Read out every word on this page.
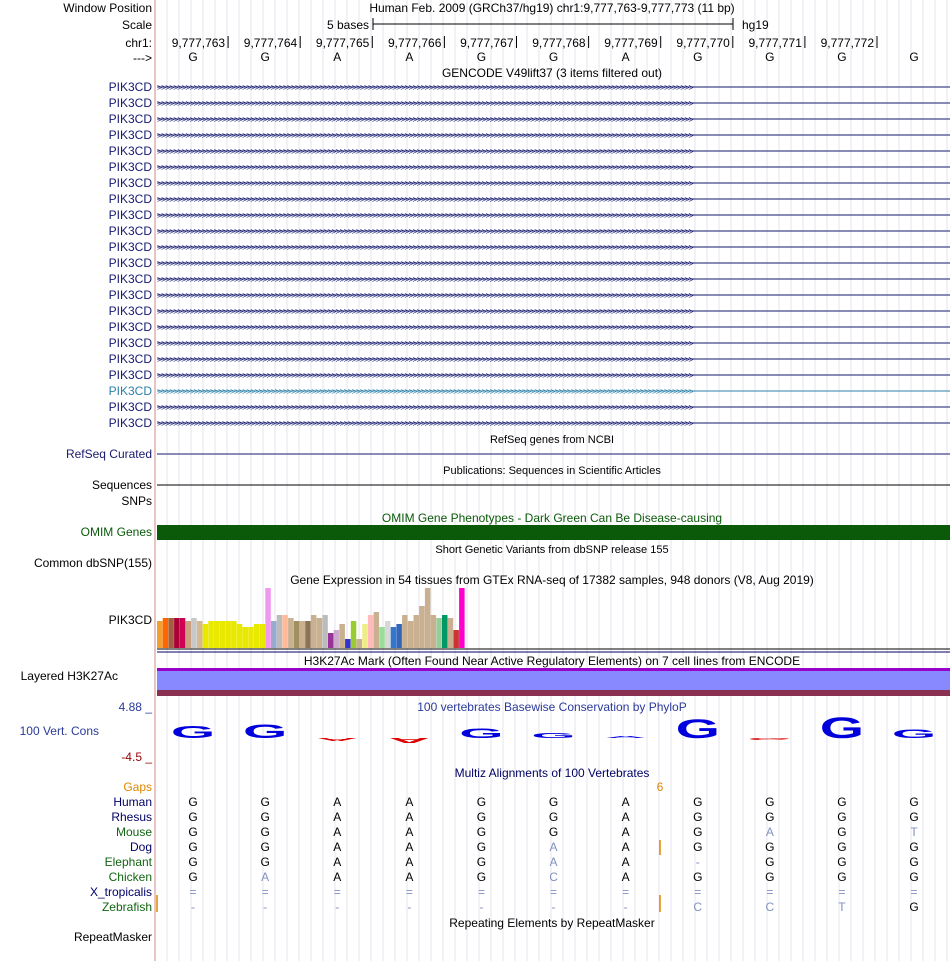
Window Position	Human Feb. 2009 (GRCh37/hg19) chr1:9,777,763-9,777,773 (11 bp)
Scale	5 bases	hg19
chr1: 9,777,763 9,777,764 9,777,765 9,777,766 9,777,767 9,777,768 9,777,769 9,777,770 9,777,771 9,777,772
--->	G	G	A	A	G	G	A	G	G	G	G
GENCODE V49lift37 (3 items filtered out)
PIK3CD >>>>>>>>>>>>>>>>>>>>>>>>>>>>>>>>>>>>>>>>>>>>>>>>>>>>>>>>>>>>>>>>>>>>>>>>>>>>>>>>>>>>>>>>>>>>>>>>>>>>>>>>>>>>>>>>>>>>>>>>>>>>>>>>>>>>
PIK3CD >>>>>>>>>>>>>>>>>>>>>>>>>>>>>>>>>>>>>>>>>>>>>>>>>>>>>>>>>>>>>>>>>>>>>>>>>>>>>>>>>>>>>>>>>>>>>>>>>>>>>>>>>>>>>>>>>>>>>>>>>>>>>>>>>>>>
PIK3CD >>>>>>>>>>>>>>>>>>>>>>>>>>>>>>>>>>>>>>>>>>>>>>>>>>>>>>>>>>>>>>>>>>>>>>>>>>>>>>>>>>>>>>>>>>>>>>>>>>>>>>>>>>>>>>>>>>>>>>>>>>>>>>>>>>>>
PIK3CD >>>>>>>>>>>>>>>>>>>>>>>>>>>>>>>>>>>>>>>>>>>>>>>>>>>>>>>>>>>>>>>>>>>>>>>>>>>>>>>>>>>>>>>>>>>>>>>>>>>>>>>>>>>>>>>>>>>>>>>>>>>>>>>>>>>>
PIK3CD >>>>>>>>>>>>>>>>>>>>>>>>>>>>>>>>>>>>>>>>>>>>>>>>>>>>>>>>>>>>>>>>>>>>>>>>>>>>>>>>>>>>>>>>>>>>>>>>>>>>>>>>>>>>>>>>>>>>>>>>>>>>>>>>>>>>
PIK3CD >>>>>>>>>>>>>>>>>>>>>>>>>>>>>>>>>>>>>>>>>>>>>>>>>>>>>>>>>>>>>>>>>>>>>>>>>>>>>>>>>>>>>>>>>>>>>>>>>>>>>>>>>>>>>>>>>>>>>>>>>>>>>>>>>>>>
PIK3CD >>>>>>>>>>>>>>>>>>>>>>>>>>>>>>>>>>>>>>>>>>>>>>>>>>>>>>>>>>>>>>>>>>>>>>>>>>>>>>>>>>>>>>>>>>>>>>>>>>>>>>>>>>>>>>>>>>>>>>>>>>>>>>>>>>>>
PIK3CD >>>>>>>>>>>>>>>>>>>>>>>>>>>>>>>>>>>>>>>>>>>>>>>>>>>>>>>>>>>>>>>>>>>>>>>>>>>>>>>>>>>>>>>>>>>>>>>>>>>>>>>>>>>>>>>>>>>>>>>>>>>>>>>>>>>>
PIK3CD >>>>>>>>>>>>>>>>>>>>>>>>>>>>>>>>>>>>>>>>>>>>>>>>>>>>>>>>>>>>>>>>>>>>>>>>>>>>>>>>>>>>>>>>>>>>>>>>>>>>>>>>>>>>>>>>>>>>>>>>>>>>>>>>>>>>
PIK3CD >>>>>>>>>>>>>>>>>>>>>>>>>>>>>>>>>>>>>>>>>>>>>>>>>>>>>>>>>>>>>>>>>>>>>>>>>>>>>>>>>>>>>>>>>>>>>>>>>>>>>>>>>>>>>>>>>>>>>>>>>>>>>>>>>>>>
PIK3CD >>>>>>>>>>>>>>>>>>>>>>>>>>>>>>>>>>>>>>>>>>>>>>>>>>>>>>>>>>>>>>>>>>>>>>>>>>>>>>>>>>>>>>>>>>>>>>>>>>>>>>>>>>>>>>>>>>>>>>>>>>>>>>>>>>>>
PIK3CD >>>>>>>>>>>>>>>>>>>>>>>>>>>>>>>>>>>>>>>>>>>>>>>>>>>>>>>>>>>>>>>>>>>>>>>>>>>>>>>>>>>>>>>>>>>>>>>>>>>>>>>>>>>>>>>>>>>>>>>>>>>>>>>>>>>>
PIK3CD >>>>>>>>>>>>>>>>>>>>>>>>>>>>>>>>>>>>>>>>>>>>>>>>>>>>>>>>>>>>>>>>>>>>>>>>>>>>>>>>>>>>>>>>>>>>>>>>>>>>>>>>>>>>>>>>>>>>>>>>>>>>>>>>>>>>
PIK3CD >>>>>>>>>>>>>>>>>>>>>>>>>>>>>>>>>>>>>>>>>>>>>>>>>>>>>>>>>>>>>>>>>>>>>>>>>>>>>>>>>>>>>>>>>>>>>>>>>>>>>>>>>>>>>>>>>>>>>>>>>>>>>>>>>>>>
PIK3CD >>>>>>>>>>>>>>>>>>>>>>>>>>>>>>>>>>>>>>>>>>>>>>>>>>>>>>>>>>>>>>>>>>>>>>>>>>>>>>>>>>>>>>>>>>>>>>>>>>>>>>>>>>>>>>>>>>>>>>>>>>>>>>>>>>>>
PIK3CD >>>>>>>>>>>>>>>>>>>>>>>>>>>>>>>>>>>>>>>>>>>>>>>>>>>>>>>>>>>>>>>>>>>>>>>>>>>>>>>>>>>>>>>>>>>>>>>>>>>>>>>>>>>>>>>>>>>>>>>>>>>>>>>>>>>>
PIK3CD >>>>>>>>>>>>>>>>>>>>>>>>>>>>>>>>>>>>>>>>>>>>>>>>>>>>>>>>>>>>>>>>>>>>>>>>>>>>>>>>>>>>>>>>>>>>>>>>>>>>>>>>>>>>>>>>>>>>>>>>>>>>>>>>>>>>
PIK3CD >>>>>>>>>>>>>>>>>>>>>>>>>>>>>>>>>>>>>>>>>>>>>>>>>>>>>>>>>>>>>>>>>>>>>>>>>>>>>>>>>>>>>>>>>>>>>>>>>>>>>>>>>>>>>>>>>>>>>>>>>>>>>>>>>>>>
PIK3CD >>>>>>>>>>>>>>>>>>>>>>>>>>>>>>>>>>>>>>>>>>>>>>>>>>>>>>>>>>>>>>>>>>>>>>>>>>>>>>>>>>>>>>>>>>>>>>>>>>>>>>>>>>>>>>>>>>>>>>>>>>>>>>>>>>>>
PIK3CD >>>>>>>>>>>>>>>>>>>>>>>>>>>>>>>>>>>>>>>>>>>>>>>>>>>>>>>>>>>>>>>>>>>>>>>>>>>>>>>>>>>>>>>>>>>>>>>>>>>>>>>>>>>>>>>>>>>>>>>>>>>>>>>>>>>>
PIK3CD >>>>>>>>>>>>>>>>>>>>>>>>>>>>>>>>>>>>>>>>>>>>>>>>>>>>>>>>>>>>>>>>>>>>>>>>>>>>>>>>>>>>>>>>>>>>>>>>>>>>>>>>>>>>>>>>>>>>>>>>>>>>>>>>>>>>
PIK3CD >>>>>>>>>>>>>>>>>>>>>>>>>>>>>>>>>>>>>>>>>>>>>>>>>>>>>>>>>>>>>>>>>>>>>>>>>>>>>>>>>>>>>>>>>>>>>>>>>>>>>>>>>>>>>>>>>>>>>>>>>>>>>>>>>>>>
RefSeq genes from NCBI
RefSeq Curated
Publications: Sequences in Scientific Articles
Sequences
SNPs
OMIM Gene Phenotypes - Dark Green Can Be Disease-causing
OMIM Genes
Short Genetic Variants from dbSNP release 155
Common dbSNP(155)
Gene Expression in 54 tissues from GTEx RNA-seq of 17382 samples, 948 donors (V8, Aug 2019)
PIK3CD
H3K27Ac Mark (Often Found Near Active Regulatory Elements) on 7 cell lines from ENCODE
Layered H3K27Ac
100 vertebrates Basewise Conservation by PhyloP
4.88 _
100 Vert. Cons
-4.5 _
G G A A G G A G G G G
Multiz Alignments of 100 Vertebrates
Gaps	6
Human	G	G	A	A	G	G	A	G	G	G	G
Rhesus	G	G	A	A	G	G	A	G	G	G	G
Mouse	G	G	A	A	G	G	A	G	A	G	T
Dog	G	G	A	A	G	A	A	G	G	G	G
Elephant	G	G	A	A	G	A	A	-	G	G	G
Chicken	G	A	A	A	G	C	A	G	G	G	G
X_tropicalis	=	=	=	=	=	=	=	=	=	=	=
Zebrafish	-	-	-	-	-	-	-	C	C	T	G
Repeating Elements by RepeatMasker
RepeatMasker
